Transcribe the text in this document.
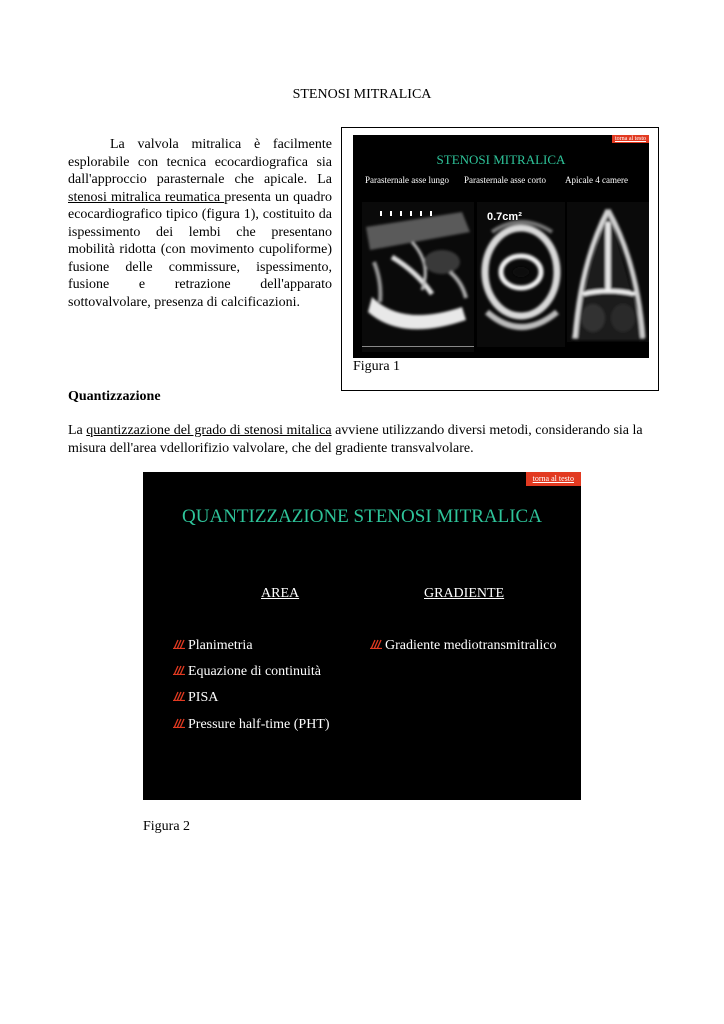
STENOSI MITRALICA
La valvola mitralica è facilmente esplorabile con tecnica ecocardiografica sia dall'approccio parasternale che apicale. La stenosi mitralica reumatica presenta un quadro ecocardiografico tipico (figura 1), costituito da ispessimento dei lembi che presentano mobilità ridotta (con movimento cupoliforme) fusione delle commissure, ispessimento, fusione e retrazione dell'apparato sottovalvolare, presenza di calcificazioni.
torna al testo
STENOSI MITRALICA
Parasternale asse lungo Parasternale asse corto Apicale 4 camere
0.7cm²
Figura 1
Quantizzazione
La quantizzazione del grado di stenosi mitalica avviene utilizzando diversi metodi, considerando sia la misura dell'area vdellorifizio valvolare, che del gradiente transvalvolare.
torna al testo
QUANTIZZAZIONE STENOSI MITRALICA
AREA	GRADIENTE
Planimetria
Equazione di continuità
PISA
Pressure half-time (PHT)
Gradiente mediotransmitralico
Figura 2
